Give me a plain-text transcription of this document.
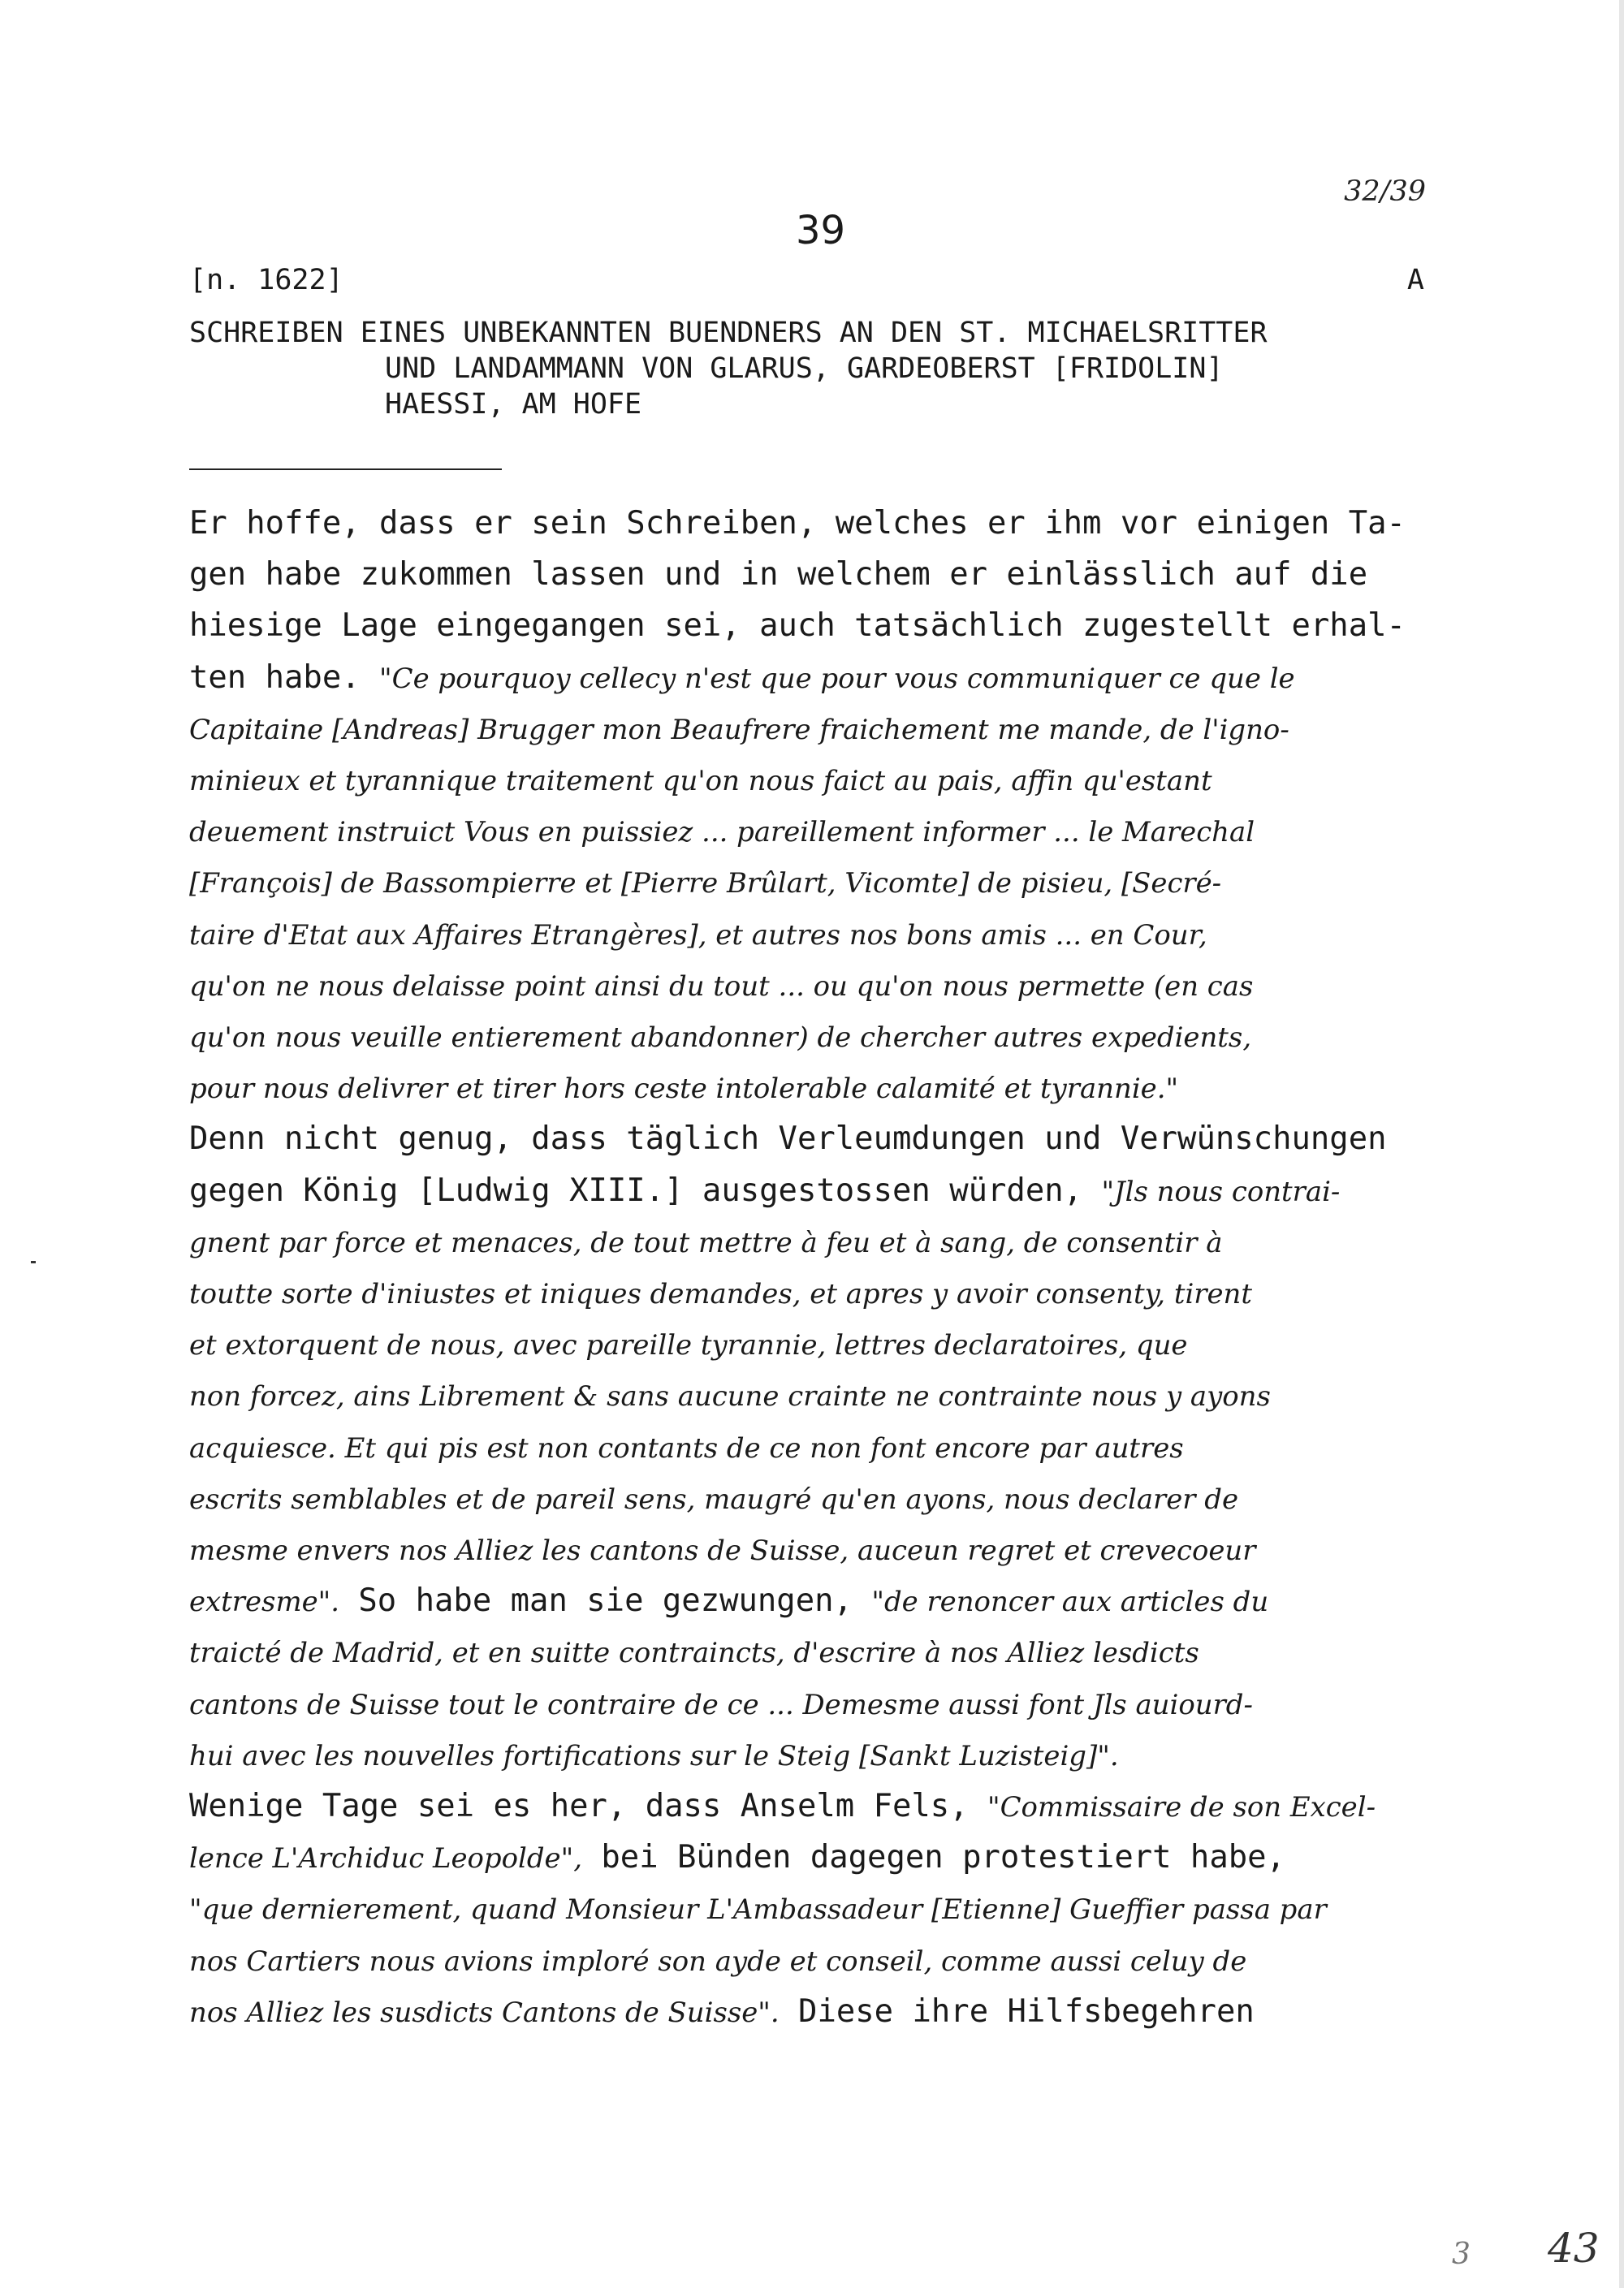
32/39
39
[n. 1622]	A
SCHREIBEN EINES UNBEKANNTEN BUENDNERS AN DEN ST. MICHAELSRITTER
UND LANDAMMANN VON GLARUS, GARDEOBERST [FRIDOLIN]
HAESSI, AM HOFE
Er hoffe, dass er sein Schreiben, welches er ihm vor einigen Ta-
gen habe zukommen lassen und in welchem er einlässlich auf die
hiesige Lage eingegangen sei, auch tatsächlich zugestellt erhal-
ten habe. "Ce pourquoy cellecy n'est que pour vous communiquer ce que le
Capitaine [Andreas] Brugger mon Beaufrere fraichement me mande, de l'igno-
minieux et tyrannique traitement qu'on nous faict au pais, affin qu'estant
deuement instruict Vous en puissiez ... pareillement informer ... le Marechal
[François] de Bassompierre et [Pierre Brûlart, Vicomte] de pisieu, [Secré-
taire d'Etat aux Affaires Etrangères], et autres nos bons amis ... en Cour,
qu'on ne nous delaisse point ainsi du tout ... ou qu'on nous permette (en cas
qu'on nous veuille entierement abandonner) de chercher autres expedients,
pour nous delivrer et tirer hors ceste intolerable calamité et tyrannie."
Denn nicht genug, dass täglich Verleumdungen und Verwünschungen
gegen König [Ludwig XIII.] ausgestossen würden, "Jls nous contrai-
gnent par force et menaces, de tout mettre à feu et à sang, de consentir à
toutte sorte d'iniustes et iniques demandes, et apres y avoir consenty, tirent
et extorquent de nous, avec pareille tyrannie, lettres declaratoires, que
non forcez, ains Librement & sans aucune crainte ne contrainte nous y ayons
acquiesce. Et qui pis est non contants de ce non font encore par autres
escrits semblables et de pareil sens, maugré qu'en ayons, nous declarer de
mesme envers nos Alliez les cantons de Suisse, auceun regret et crevecoeur
extresme". So habe man sie gezwungen, "de renoncer aux articles du
traicté de Madrid, et en suitte contraincts, d'escrire à nos Alliez lesdicts
cantons de Suisse tout le contraire de ce ... Demesme aussi font Jls auiourd-
hui avec les nouvelles fortifications sur le Steig [Sankt Luzisteig]".
Wenige Tage sei es her, dass Anselm Fels, "Commissaire de son Excel-
lence L'Archiduc Leopolde", bei Bünden dagegen protestiert habe,
"que dernierement, quand Monsieur L'Ambassadeur [Etienne] Gueffier passa par
nos Cartiers nous avions imploré son ayde et conseil, comme aussi celuy de
nos Alliez les susdicts Cantons de Suisse". Diese ihre Hilfsbegehren
3 43
